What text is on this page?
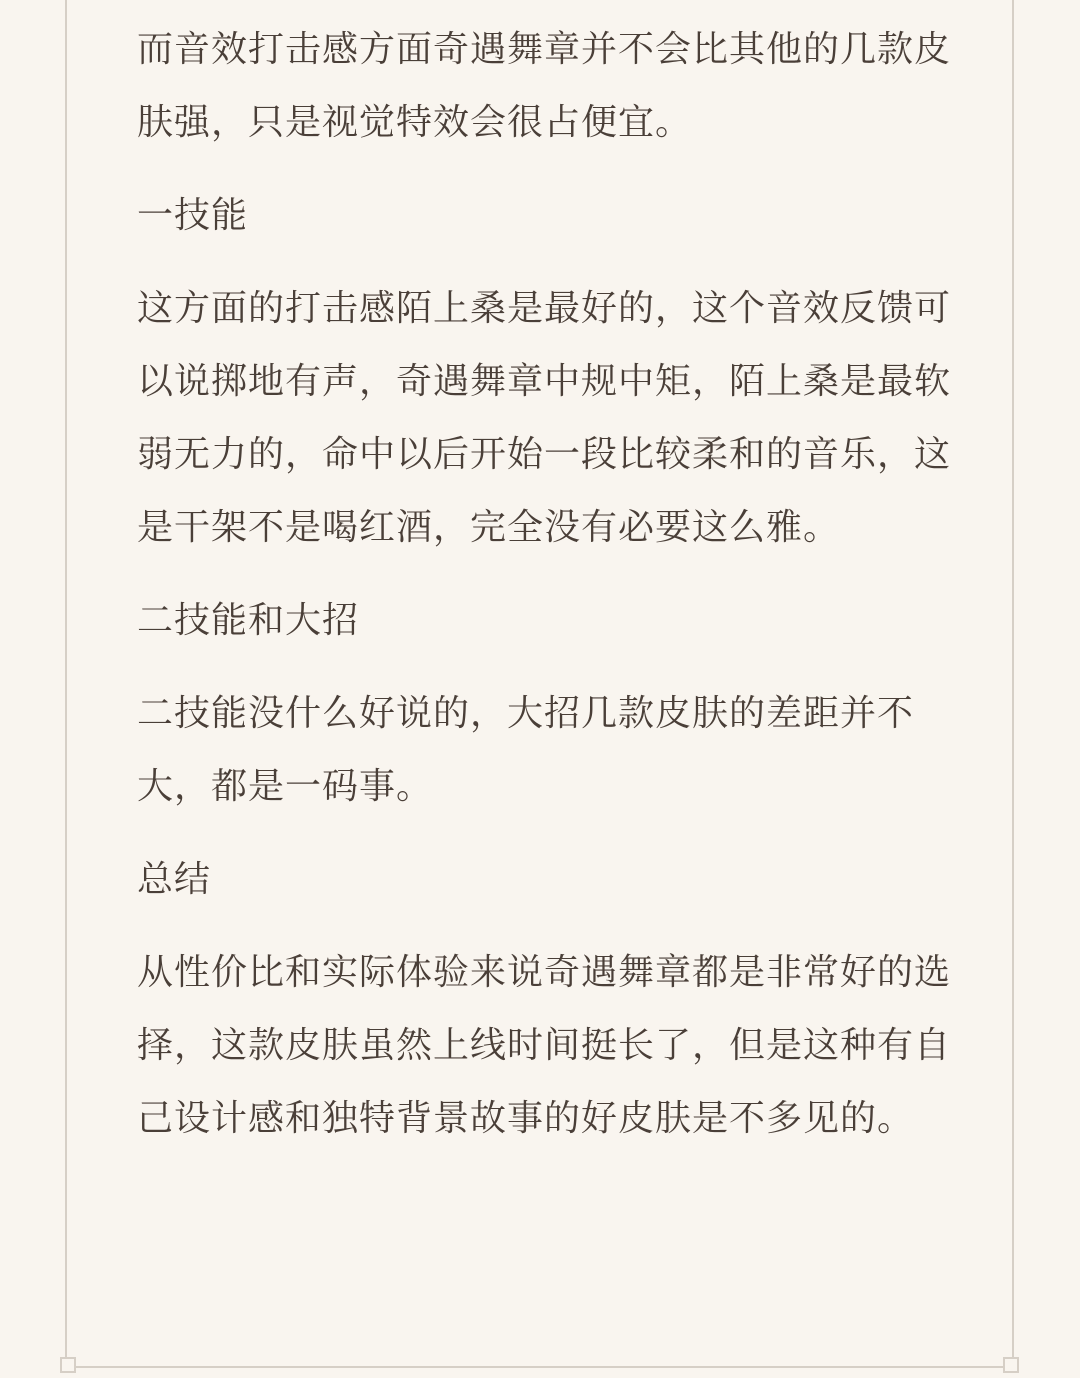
而音效打击感方面奇遇舞章并不会比其他的几款皮肤强，只是视觉特效会很占便宜。

一技能

这方面的打击感陌上桑是最好的，这个音效反馈可以说掷地有声，奇遇舞章中规中矩，陌上桑是最软弱无力的，命中以后开始一段比较柔和的音乐，这是干架不是喝红酒，完全没有必要这么雅。

二技能和大招

二技能没什么好说的，大招几款皮肤的差距并不大，都是一码事。

总结

从性价比和实际体验来说奇遇舞章都是非常好的选择，这款皮肤虽然上线时间挺长了，但是这种有自己设计感和独特背景故事的好皮肤是不多见的。
